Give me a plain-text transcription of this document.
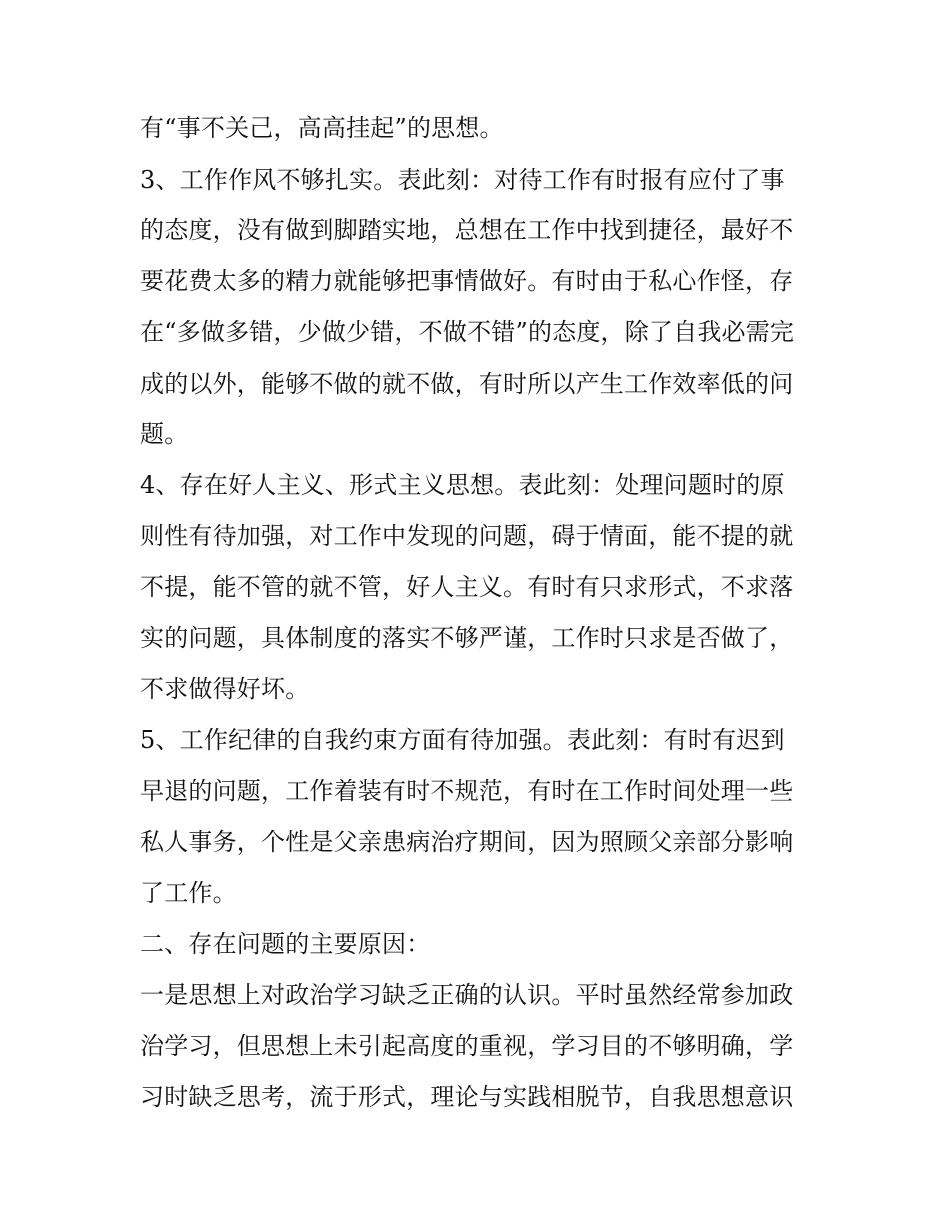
有“事不关己，高高挂起”的思想。
3、工作作风不够扎实。表此刻：对待工作有时报有应付了事
的态度，没有做到脚踏实地，总想在工作中找到捷径，最好不
要花费太多的精力就能够把事情做好。有时由于私心作怪，存
在“多做多错，少做少错，不做不错”的态度，除了自我必需完
成的以外，能够不做的就不做，有时所以产生工作效率低的问
题。
4、存在好人主义、形式主义思想。表此刻：处理问题时的原
则性有待加强，对工作中发现的问题，碍于情面，能不提的就
不提，能不管的就不管，好人主义。有时有只求形式，不求落
实的问题，具体制度的落实不够严谨，工作时只求是否做了，
不求做得好坏。
5、工作纪律的自我约束方面有待加强。表此刻：有时有迟到
早退的问题，工作着装有时不规范，有时在工作时间处理一些
私人事务，个性是父亲患病治疗期间，因为照顾父亲部分影响
了工作。
二、存在问题的主要原因：
一是思想上对政治学习缺乏正确的认识。平时虽然经常参加政
治学习，但思想上未引起高度的重视，学习目的不够明确，学
习时缺乏思考，流于形式，理论与实践相脱节，自我思想意识
